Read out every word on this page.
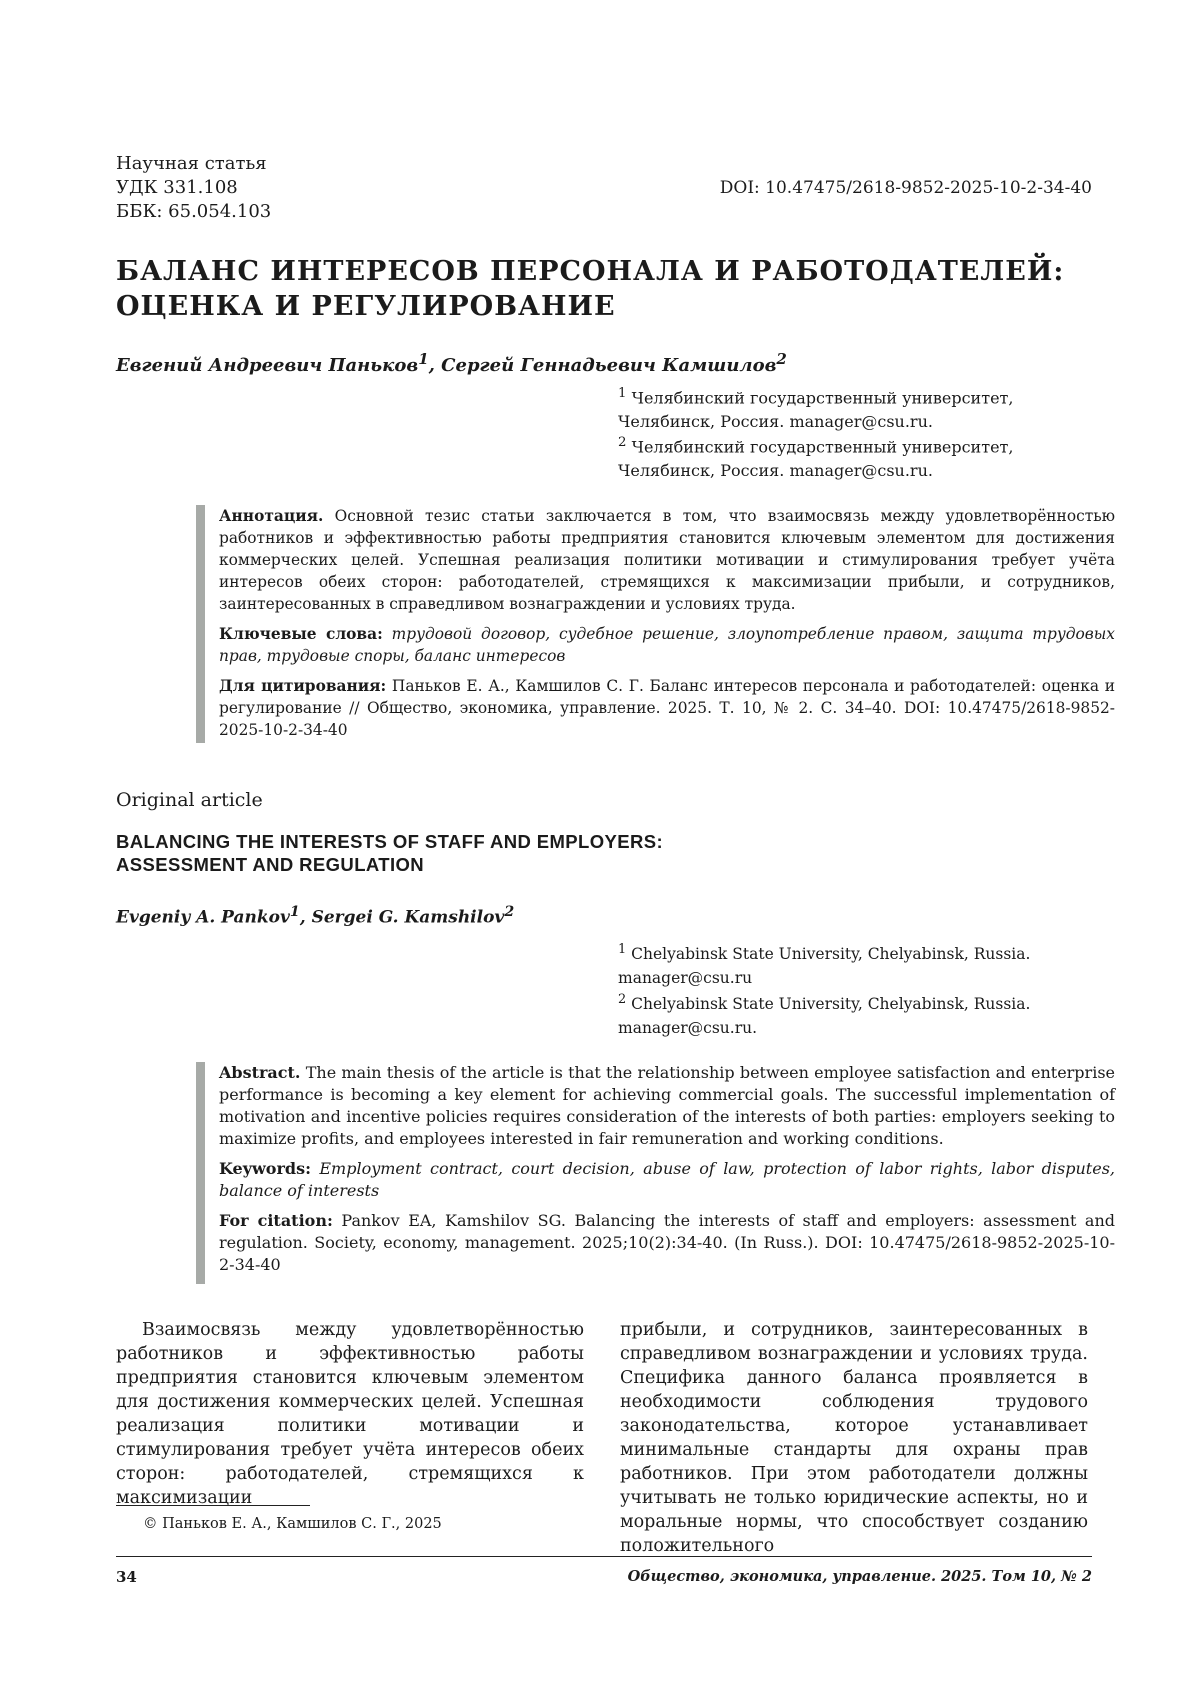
Научная статья
УДК 331.108
ББК: 65.054.103
DOI: 10.47475/2618-9852-2025-10-2-34-40
БАЛАНС ИНТЕРЕСОВ ПЕРСОНАЛА И РАБОТОДАТЕЛЕЙ:
ОЦЕНКА И РЕГУЛИРОВАНИЕ
Евгений Андреевич Паньков$^1$, Сергей Геннадьевич Камшилов$^2$
$^1$ Челябинский государственный университет,
Челябинск, Россия. manager@csu.ru.
$^2$ Челябинский государственный университет,
Челябинск, Россия. manager@csu.ru.

Аннотация. Основной тезис статьи заключается в том, что взаимосвязь между удовлетворённостью работников и эффективностью работы предприятия становится ключевым элементом для достижения коммерческих целей. Успешная реализация политики мотивации и стимулирования требует учёта интересов обеих сторон: работодателей, стремящихся к максимизации прибыли, и сотрудников, заинтересованных в справедливом вознаграждении и условиях труда.

Ключевые слова: трудовой договор, судебное решение, злоупотребление правом, защита трудовых прав, трудовые споры, баланс интересов

Для цитирования: Паньков Е. А., Камшилов С. Г. Баланс интересов персонала и работодателей: оценка и регулирование // Общество, экономика, управление. 2025. Т. 10, № 2. С. 34–40. DOI: 10.47475/2618-9852-2025-10-2-34-40

Original article
BALANCING THE INTERESTS OF STAFF AND EMPLOYERS:
ASSESSMENT AND REGULATION
Evgeniy A. Pankov$^1$, Sergei G. Kamshilov$^2$
$^1$ Chelyabinsk State University, Chelyabinsk, Russia.
manager@csu.ru
$^2$ Chelyabinsk State University, Chelyabinsk, Russia.
manager@csu.ru.

Abstract. The main thesis of the article is that the relationship between employee satisfaction and enterprise performance is becoming a key element for achieving commercial goals. The successful implementation of motivation and incentive policies requires consideration of the interests of both parties: employers seeking to maximize profits, and employees interested in fair remuneration and working conditions.

Keywords: Employment contract, court decision, abuse of law, protection of labor rights, labor disputes, balance of interests

For citation: Pankov EA, Kamshilov SG. Balancing the interests of staff and employers: assessment and regulation. Society, economy, management. 2025;10(2):34-40. (In Russ.). DOI: 10.47475/2618-9852-2025-10-2-34-40

Взаимосвязь между удовлетворённостью работников и эффективностью работы предприятия становится ключевым элементом для достижения коммерческих целей. Успешная реализация политики мотивации и стимулирования требует учёта интересов обеих сторон: работодателей, стремящихся к максимизации

прибыли, и сотрудников, заинтересованных в справедливом вознаграждении и условиях труда. Специфика данного баланса проявляется в необходимости соблюдения трудового законодательства, которое устанавливает минимальные стандарты для охраны прав работников. При этом работодатели должны учитывать не только юридические аспекты, но и моральные нормы, что способствует созданию положительного

© Паньков Е. А., Камшилов С. Г., 2025
34	Общество, экономика, управление. 2025. Том 10, № 2
